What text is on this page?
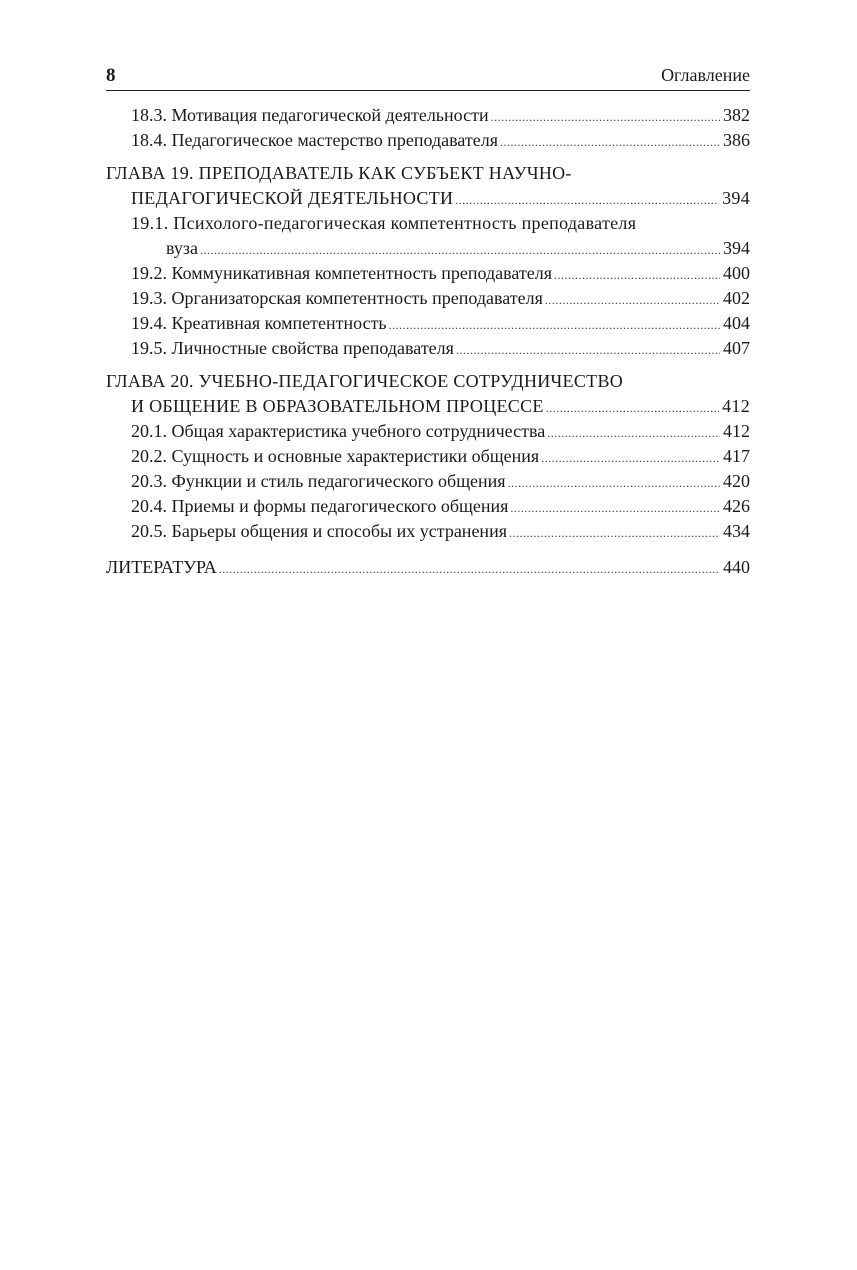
8	Оглавление
18.3. Мотивация педагогической деятельности .....	382
18.4. Педагогическое мастерство преподавателя .....	386
ГЛАВА 19. ПРЕПОДАВАТЕЛЬ КАК СУБЪЕКТ НАУЧНО-
ПЕДАГОГИЧЕСКОЙ ДЕЯТЕЛЬНОСТИ .....	394
19.1. Психолого-педагогическая компетентность преподавателя
вуза .....	394
19.2. Коммуникативная компетентность преподавателя .....	400
19.3. Организаторская компетентность преподавателя .....	402
19.4. Креативная компетентность .....	404
19.5. Личностные свойства преподавателя .....	407
ГЛАВА 20. УЧЕБНО-ПЕДАГОГИЧЕСКОЕ СОТРУДНИЧЕСТВО
И ОБЩЕНИЕ В ОБРАЗОВАТЕЛЬНОМ ПРОЦЕССЕ .....	412
20.1. Общая характеристика учебного сотрудничества .....	412
20.2. Сущность и основные характеристики общения .....	417
20.3. Функции и стиль педагогического общения .....	420
20.4. Приемы и формы педагогического общения .....	426
20.5. Барьеры общения и способы их устранения .....	434
ЛИТЕРАТУРА .....	440
